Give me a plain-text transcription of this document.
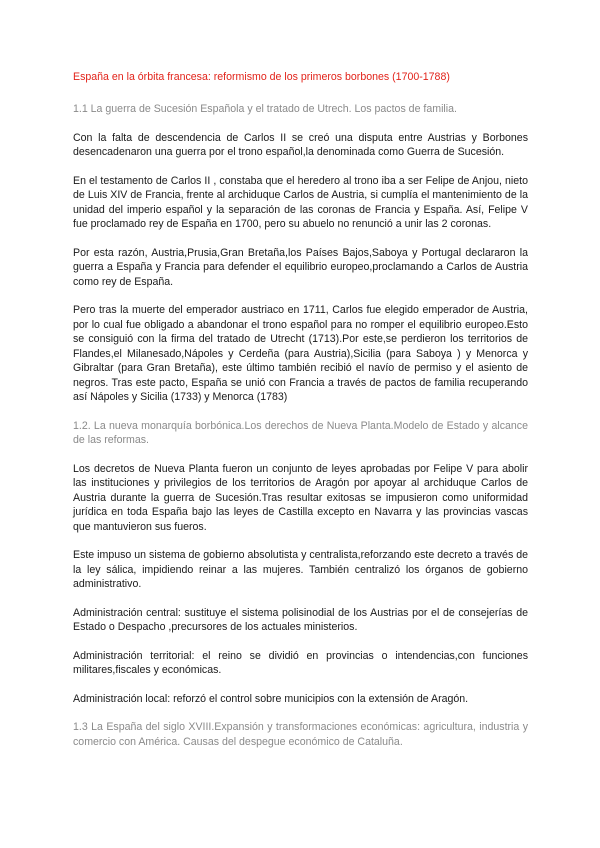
España en la órbita francesa: reformismo de los primeros borbones (1700-1788)

1.1 La guerra de Sucesión Española y el tratado de Utrech. Los pactos de familia.

Con la falta de descendencia de Carlos II se creó una disputa entre Austrias y Borbones desencadenaron una guerra por el trono español,la denominada como Guerra de Sucesión.

En el testamento de Carlos II , constaba que el heredero al trono iba a ser Felipe de Anjou, nieto de Luis XIV de Francia, frente al archiduque Carlos de Austria, si cumplía el mantenimiento de la unidad del imperio español y la separación de las coronas de Francia y España. Así, Felipe V fue proclamado rey de España en 1700, pero su abuelo no renunció a unir las 2 coronas.

Por esta razón, Austria,Prusia,Gran Bretaña,los Países Bajos,Saboya y Portugal declararon la guerra a España y Francia para defender el equilibrio europeo,proclamando a Carlos de Austria como rey de España.

Pero tras la muerte del emperador austriaco en 1711, Carlos fue elegido emperador de Austria, por lo cual fue obligado a abandonar el trono español para no romper el equilibrio europeo.Esto se consiguió con la firma del tratado de Utrecht (1713).Por este,se perdieron los territorios de Flandes,el Milanesado,Nápoles y Cerdeña (para Austria),Sicilia (para Saboya ) y Menorca y Gibraltar (para Gran Bretaña), este último también recibió el navío de permiso y el asiento de negros. Tras este pacto, España se unió con Francia a través de pactos de familia recuperando así Nápoles y Sicilia (1733) y Menorca (1783)

1.2. La nueva monarquía borbónica.Los derechos de Nueva Planta.Modelo de Estado y alcance de las reformas.

Los decretos de Nueva Planta fueron un conjunto de leyes aprobadas por Felipe V para abolir las instituciones y privilegios de los territorios de Aragón por apoyar al archiduque Carlos de Austria durante la guerra de Sucesión.Tras resultar exitosas se impusieron como uniformidad jurídica en toda España bajo las leyes de Castilla excepto en Navarra y las provincias vascas que mantuvieron sus fueros.

Este impuso un sistema de gobierno absolutista y centralista,reforzando este decreto a través de la ley sálica, impidiendo reinar a las mujeres. También centralizó los órganos de gobierno administrativo.

Administración central: sustituye el sistema polisinodial de los Austrias por el de consejerías de Estado o Despacho ,precursores de los actuales ministerios.

Administración territorial: el reino se dividió en provincias o intendencias,con funciones militares,fiscales y económicas.

Administración local: reforzó el control sobre municipios con la extensión de Aragón.

1.3 La España del siglo XVIII.Expansión y transformaciones económicas: agricultura, industria y comercio con América. Causas del despegue económico de Cataluña.
